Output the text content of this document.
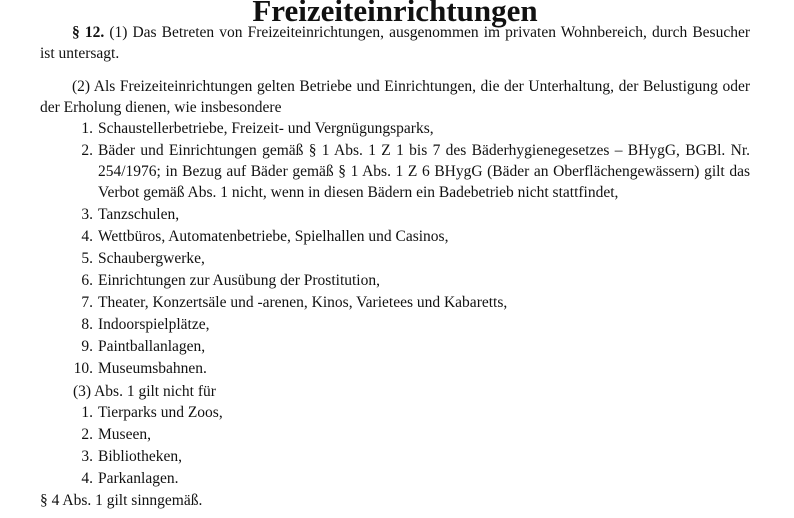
Freizeiteinrichtungen

§ 12. (1) Das Betreten von Freizeiteinrichtungen, ausgenommen im privaten Wohnbereich, durch Besucher ist untersagt.

(2) Als Freizeiteinrichtungen gelten Betriebe und Einrichtungen, die der Unterhaltung, der Belustigung oder der Erholung dienen, wie insbesondere

1. Schaustellerbetriebe, Freizeit- und Vergnügungsparks,
2. Bäder und Einrichtungen gemäß § 1 Abs. 1 Z 1 bis 7 des Bäderhygienegesetzes – BHygG, BGBl. Nr. 254/1976; in Bezug auf Bäder gemäß § 1 Abs. 1 Z 6 BHygG (Bäder an Oberflächengewässern) gilt das Verbot gemäß Abs. 1 nicht, wenn in diesen Bädern ein Badebetrieb nicht stattfindet,
3. Tanzschulen,
4. Wettbüros, Automatenbetriebe, Spielhallen und Casinos,
5. Schaubergwerke,
6. Einrichtungen zur Ausübung der Prostitution,
7. Theater, Konzertsäle und -arenen, Kinos, Varietees und Kabaretts,
8. Indoorspielplätze,
9. Paintballanlagen,
10. Museumsbahnen.

(3) Abs. 1 gilt nicht für

1. Tierparks und Zoos,
2. Museen,
3. Bibliotheken,
4. Parkanlagen.

§ 4 Abs. 1 gilt sinngemäß.
